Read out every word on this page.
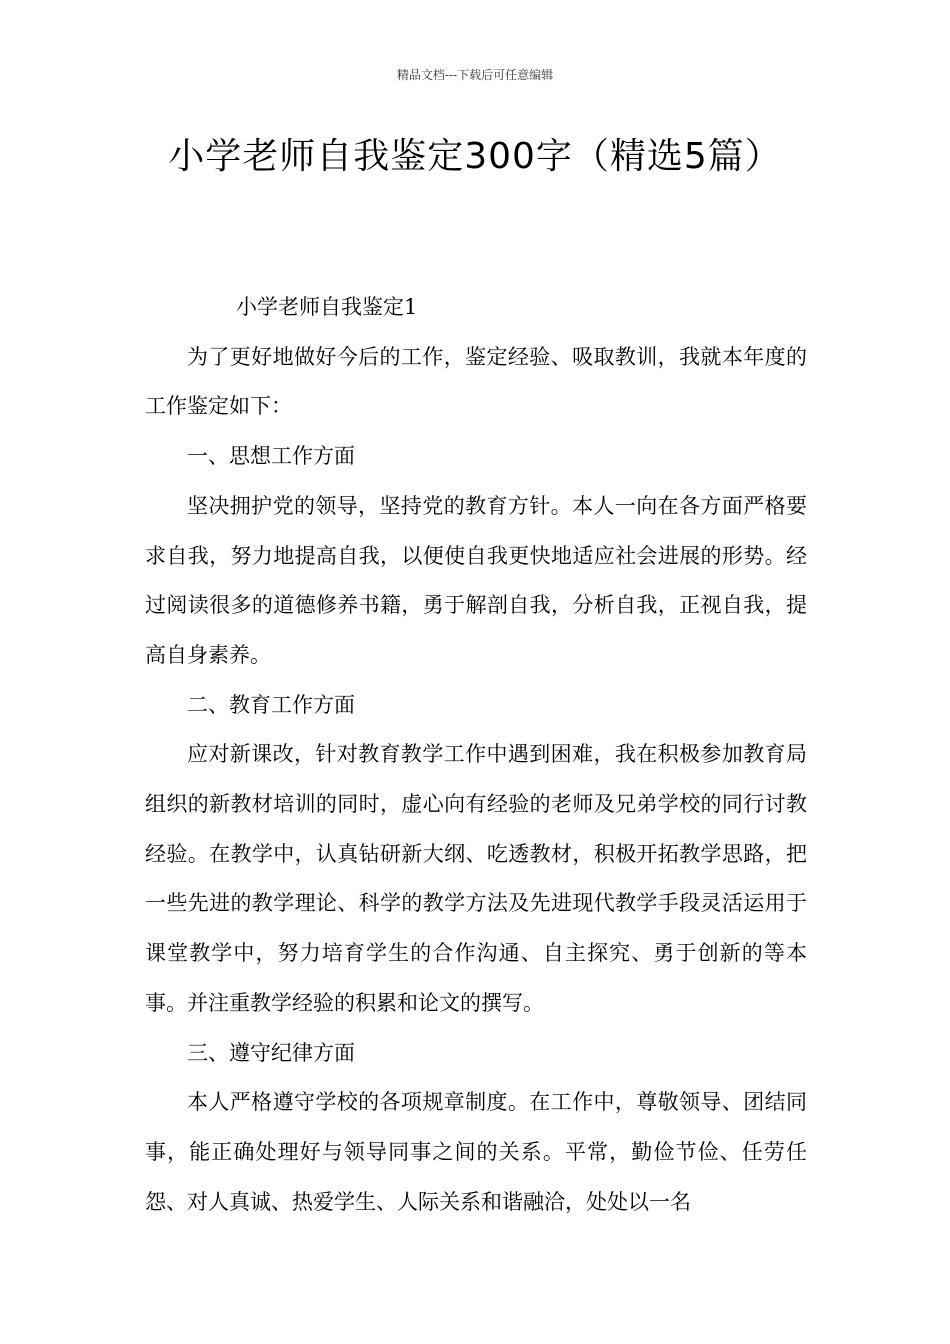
精品文档---下载后可任意编辑
小学老师自我鉴定300字（精选5篇）

小学老师自我鉴定1

为了更好地做好今后的工作，鉴定经验、吸取教训，我就本年度的工作鉴定如下：

一、思想工作方面

坚决拥护党的领导，坚持党的教育方针。本人一向在各方面严格要求自我，努力地提高自我，以便使自我更快地适应社会进展的形势。经过阅读很多的道德修养书籍，勇于解剖自我，分析自我，正视自我，提高自身素养。

二、教育工作方面

应对新课改，针对教育教学工作中遇到困难，我在积极参加教育局组织的新教材培训的同时，虚心向有经验的老师及兄弟学校的同行讨教经验。在教学中，认真钻研新大纲、吃透教材，积极开拓教学思路，把一些先进的教学理论、科学的教学方法及先进现代教学手段灵活运用于课堂教学中，努力培育学生的合作沟通、自主探究、勇于创新的等本事。并注重教学经验的积累和论文的撰写。

三、遵守纪律方面

本人严格遵守学校的各项规章制度。在工作中，尊敬领导、团结同事，能正确处理好与领导同事之间的关系。平常，勤俭节俭、任劳任怨、对人真诚、热爱学生、人际关系和谐融洽，处处以一名
